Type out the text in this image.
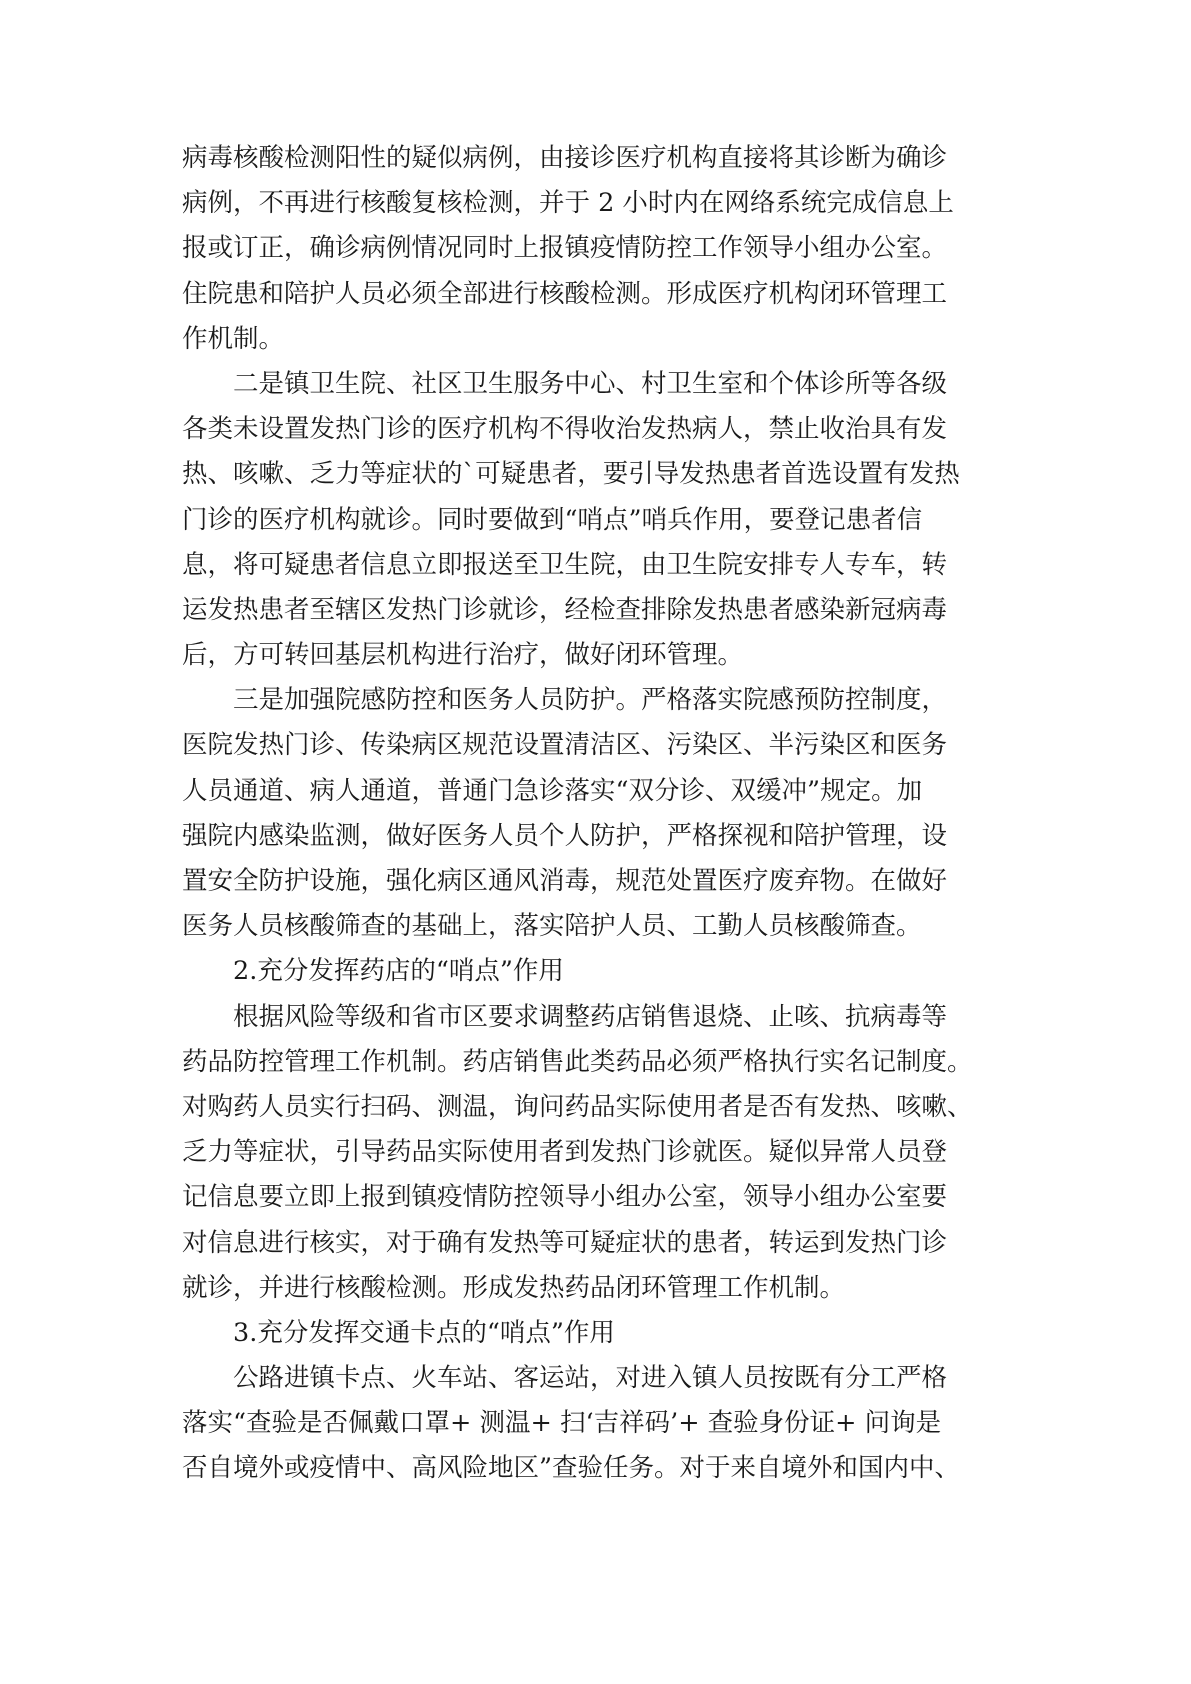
病毒核酸检测阳性的疑似病例，由接诊医疗机构直接将其诊断为确诊
病例，不再进行核酸复核检测，并于 2 小时内在网络系统完成信息上
报或订正，确诊病例情况同时上报镇疫情防控工作领导小组办公室。
住院患和陪护人员必须全部进行核酸检测。形成医疗机构闭环管理工
作机制。
二是镇卫生院、社区卫生服务中心、村卫生室和个体诊所等各级
各类未设置发热门诊的医疗机构不得收治发热病人，禁止收治具有发
热、咳嗽、乏力等症状的`可疑患者，要引导发热患者首选设置有发热
门诊的医疗机构就诊。同时要做到“哨点”哨兵作用，要登记患者信
息，将可疑患者信息立即报送至卫生院，由卫生院安排专人专车，转
运发热患者至辖区发热门诊就诊，经检查排除发热患者感染新冠病毒
后，方可转回基层机构进行治疗，做好闭环管理。
三是加强院感防控和医务人员防护。严格落实院感预防控制度，
医院发热门诊、传染病区规范设置清洁区、污染区、半污染区和医务
人员通道、病人通道，普通门急诊落实“双分诊、双缓冲”规定。加
强院内感染监测，做好医务人员个人防护，严格探视和陪护管理，设
置安全防护设施，强化病区通风消毒，规范处置医疗废弃物。在做好
医务人员核酸筛查的基础上，落实陪护人员、工勤人员核酸筛查。
2.充分发挥药店的“哨点”作用
根据风险等级和省市区要求调整药店销售退烧、止咳、抗病毒等
药品防控管理工作机制。药店销售此类药品必须严格执行实名记制度。
对购药人员实行扫码、测温，询问药品实际使用者是否有发热、咳嗽、
乏力等症状，引导药品实际使用者到发热门诊就医。疑似异常人员登
记信息要立即上报到镇疫情防控领导小组办公室，领导小组办公室要
对信息进行核实，对于确有发热等可疑症状的患者，转运到发热门诊
就诊，并进行核酸检测。形成发热药品闭环管理工作机制。
3.充分发挥交通卡点的“哨点”作用
公路进镇卡点、火车站、客运站，对进入镇人员按既有分工严格
落实“查验是否佩戴口罩+ 测温+ 扫‘吉祥码’+ 查验身份证+ 问询是
否自境外或疫情中、高风险地区”查验任务。对于来自境外和国内中、
